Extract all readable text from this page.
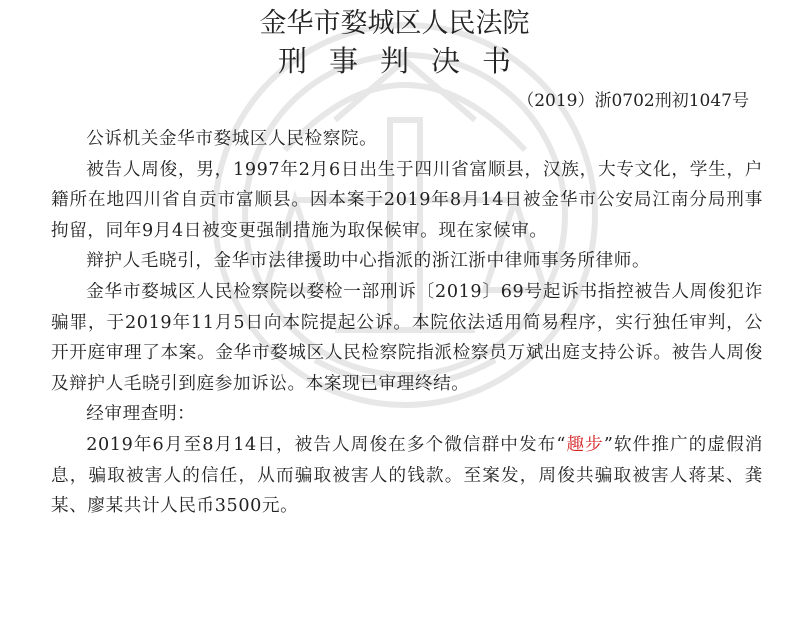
金华市婺城区人民法院
刑事判决书
（2019）浙0702刑初1047号

公诉机关金华市婺城区人民检察院。

被告人周俊，男，1997年2月6日出生于四川省富顺县，汉族，大专文化，学生，户籍所在地四川省自贡市富顺县。因本案于2019年8月14日被金华市公安局江南分局刑事拘留，同年9月4日被变更强制措施为取保候审。现在家候审。

辩护人毛晓引，金华市法律援助中心指派的浙江浙中律师事务所律师。

金华市婺城区人民检察院以婺检一部刑诉〔2019〕69号起诉书指控被告人周俊犯诈骗罪，于2019年11月5日向本院提起公诉。本院依法适用简易程序，实行独任审判，公开开庭审理了本案。金华市婺城区人民检察院指派检察员万斌出庭支持公诉。被告人周俊及辩护人毛晓引到庭参加诉讼。本案现已审理终结。

经审理查明：

2019年6月至8月14日，被告人周俊在多个微信群中发布“趣步”软件推广的虚假消息，骗取被害人的信任，从而骗取被害人的钱款。至案发，周俊共骗取被害人蒋某、龚某、廖某共计人民币3500元。
